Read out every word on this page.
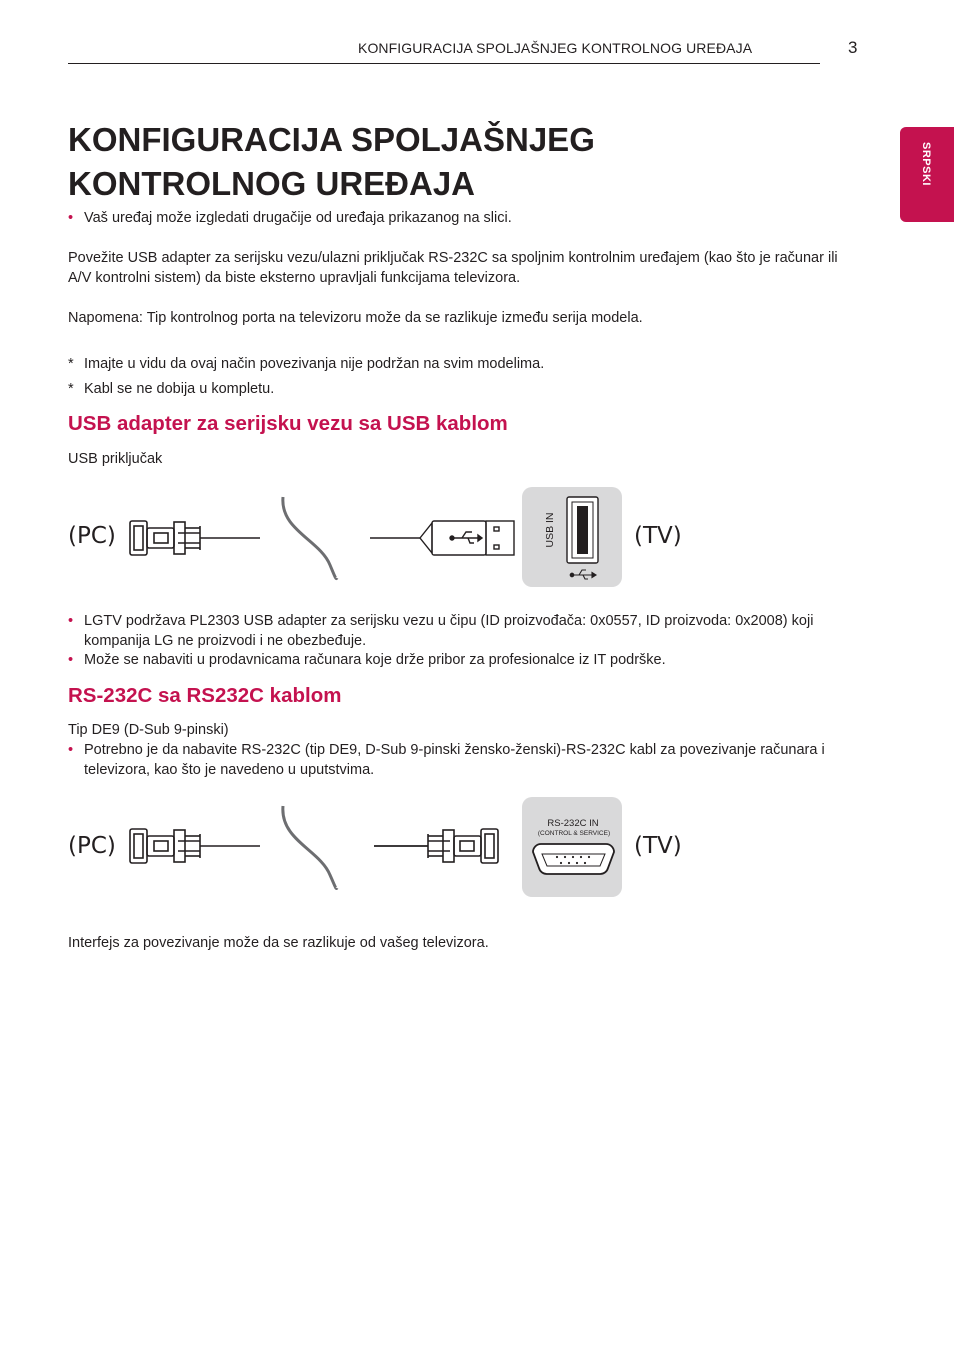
KONFIGURACIJA SPOLJAŠNJEG KONTROLNOG UREĐAJA	3
SRPSKI
KONFIGURACIJA SPOLJAŠNJEG KONTROLNOG UREĐAJA
• Vaš uređaj može izgledati drugačije od uređaja prikazanog na slici.
Povežite USB adapter za serijsku vezu/ulazni priključak RS-232C sa spoljnim kontrolnim uređajem (kao što je računar ili A/V kontrolni sistem) da biste eksterno upravljali funkcijama televizora.
Napomena: Tip kontrolnog porta na televizoru može da se razlikuje između serija modela.
* Imajte u vidu da ovaj način povezivanja nije podržan na svim modelima.
* Kabl se ne dobija u kompletu.
USB adapter za serijsku vezu sa USB kablom
USB priključak
(PC)	(TV)
USB IN
• LGTV podržava PL2303 USB adapter za serijsku vezu u čipu (ID proizvođača: 0x0557, ID proizvoda: 0x2008) koji kompanija LG ne proizvodi i ne obezbeđuje.
• Može se nabaviti u prodavnicama računara koje drže pribor za profesionalce iz IT podrške.
RS-232C sa RS232C kablom
Tip DE9 (D-Sub 9-pinski)
• Potrebno je da nabavite RS-232C (tip DE9, D-Sub 9-pinski žensko-ženski)-RS-232C kabl za povezivanje računara i televizora, kao što je navedeno u uputstvima.
(PC)	(TV)
RS-232C IN
(CONTROL & SERVICE)
Interfejs za povezivanje može da se razlikuje od vašeg televizora.
